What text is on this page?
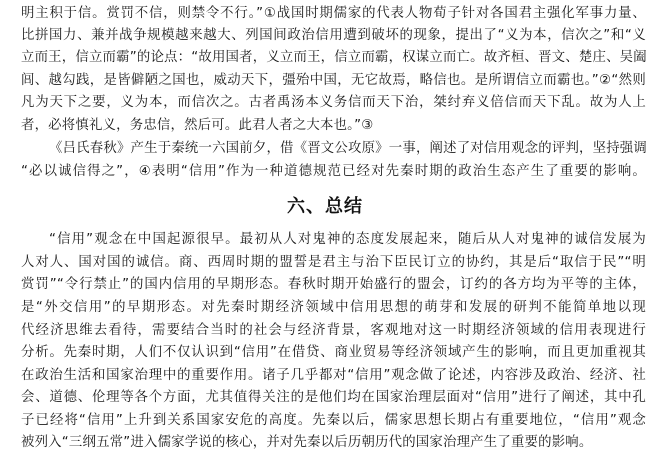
明主积于信。赏罚不信，则禁令不行。”①战国时期儒家的代表人物荀子针对各国君主强化军事力量、
比拼国力、兼并战争规模越来越大、列国间政治信用遭到破坏的现象，提出了“义为本，信次之”和“义
立而王，信立而霸”的论点：“故用国者，义立而王，信立而霸，权谋立而亡。故齐桓、晋文、楚庄、吴阖
闾、越勾践，是皆僻陋之国也，威动天下，彊殆中国，无它故焉，略信也。是所谓信立而霸也。”②“然则
凡为天下之要，义为本，而信次之。古者禹汤本义务信而天下治，桀纣弃义倍信而天下乱。故为人上
者，必将慎礼义，务忠信，然后可。此君人者之大本也。”③
《吕氏春秋》产生于秦统一六国前夕，借《晋文公攻原》一事，阐述了对信用观念的评判，坚持强调
“必以诚信得之”，④表明“信用”作为一种道德规范已经对先秦时期的政治生态产生了重要的影响。
六、总结
“信用”观念在中国起源很早。最初从人对鬼神的态度发展起来，随后从人对鬼神的诚信发展为
人对人、国对国的诚信。商、西周时期的盟誓是君主与治下臣民订立的协约，其是后“取信于民”“明
赏罚”“令行禁止”的国内信用的早期形态。春秋时期开始盛行的盟会，订约的各方均为平等的主体，
是“外交信用”的早期形态。对先秦时期经济领域中信用思想的萌芽和发展的研判不能简单地以现
代经济思维去看待，需要结合当时的社会与经济背景，客观地对这一时期经济领域的信用表现进行
分析。先秦时期，人们不仅认识到“信用”在借贷、商业贸易等经济领域产生的影响，而且更加重视其
在政治生活和国家治理中的重要作用。诸子几乎都对“信用”观念做了论述，内容涉及政治、经济、社
会、道德、伦理等各个方面，尤其值得关注的是他们均在国家治理层面对“信用”进行了阐述，其中孔
子已经将“信用”上升到关系国家安危的高度。先秦以后，儒家思想长期占有重要地位，“信用”观念
被列入“三纲五常”进入儒家学说的核心，并对先秦以后历朝历代的国家治理产生了重要的影响。
